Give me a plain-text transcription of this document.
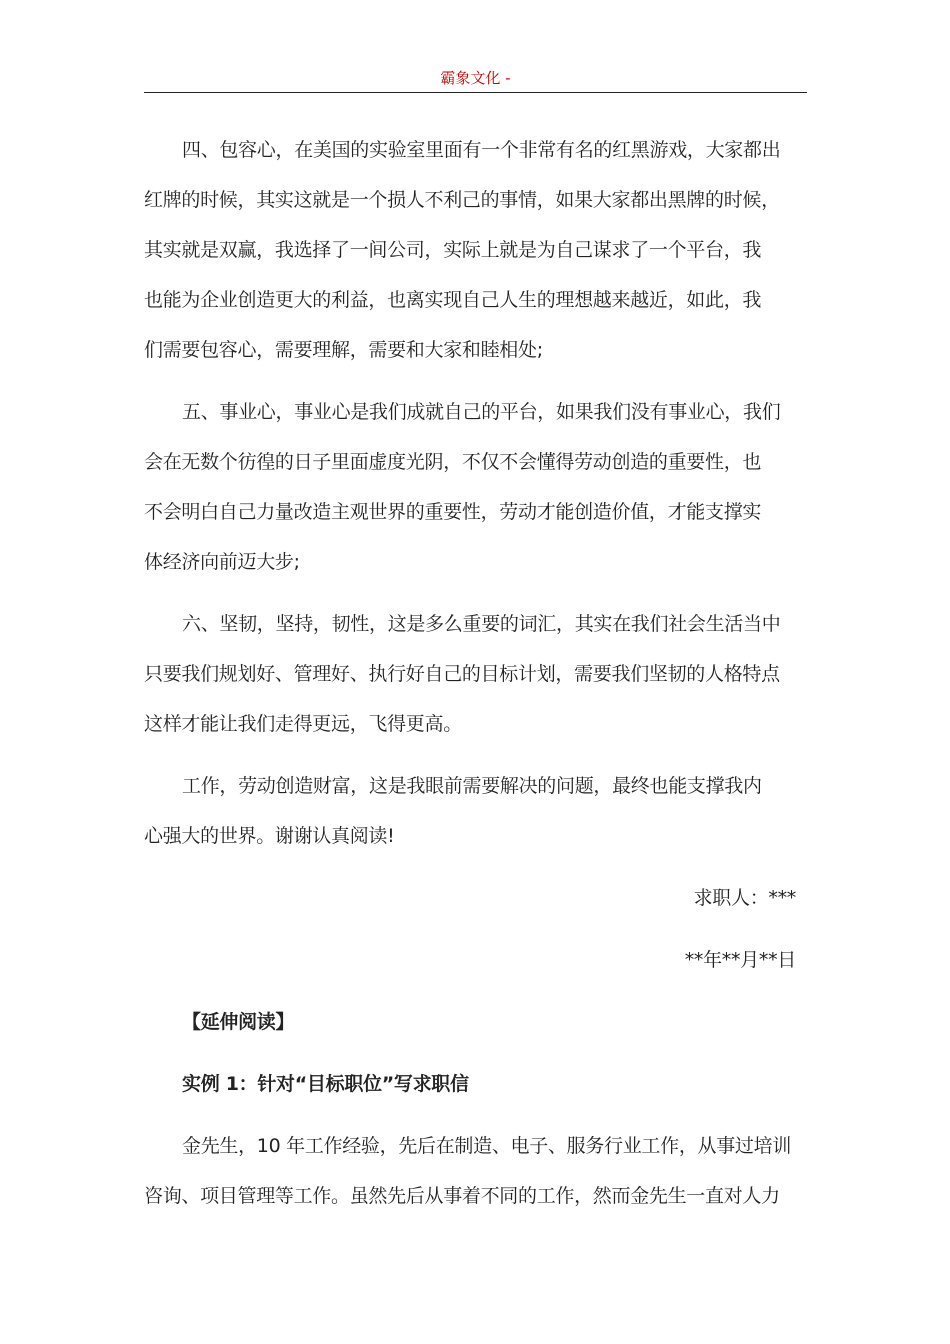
霸象文化 -

四、包容心，在美国的实验室里面有一个非常有名的红黑游戏，大家都出

红牌的时候，其实这就是一个损人不利己的事情，如果大家都出黑牌的时候，

其实就是双赢，我选择了一间公司，实际上就是为自己谋求了一个平台，我

也能为企业创造更大的利益，也离实现自己人生的理想越来越近，如此，我

们需要包容心，需要理解，需要和大家和睦相处;

五、事业心，事业心是我们成就自己的平台，如果我们没有事业心，我们

会在无数个彷徨的日子里面虚度光阴，不仅不会懂得劳动创造的重要性，也

不会明白自己力量改造主观世界的重要性，劳动才能创造价值，才能支撑实

体经济向前迈大步;

六、坚韧，坚持，韧性，这是多么重要的词汇，其实在我们社会生活当中

只要我们规划好、管理好、执行好自己的目标计划，需要我们坚韧的人格特点

这样才能让我们走得更远，飞得更高。

工作，劳动创造财富，这是我眼前需要解决的问题，最终也能支撑我内

心强大的世界。谢谢认真阅读!

求职人：***

**年**月**日

【延伸阅读】

实例 1：针对“目标职位”写求职信

金先生，10 年工作经验，先后在制造、电子、服务行业工作，从事过培训

咨询、项目管理等工作。虽然先后从事着不同的工作，然而金先生一直对人力
